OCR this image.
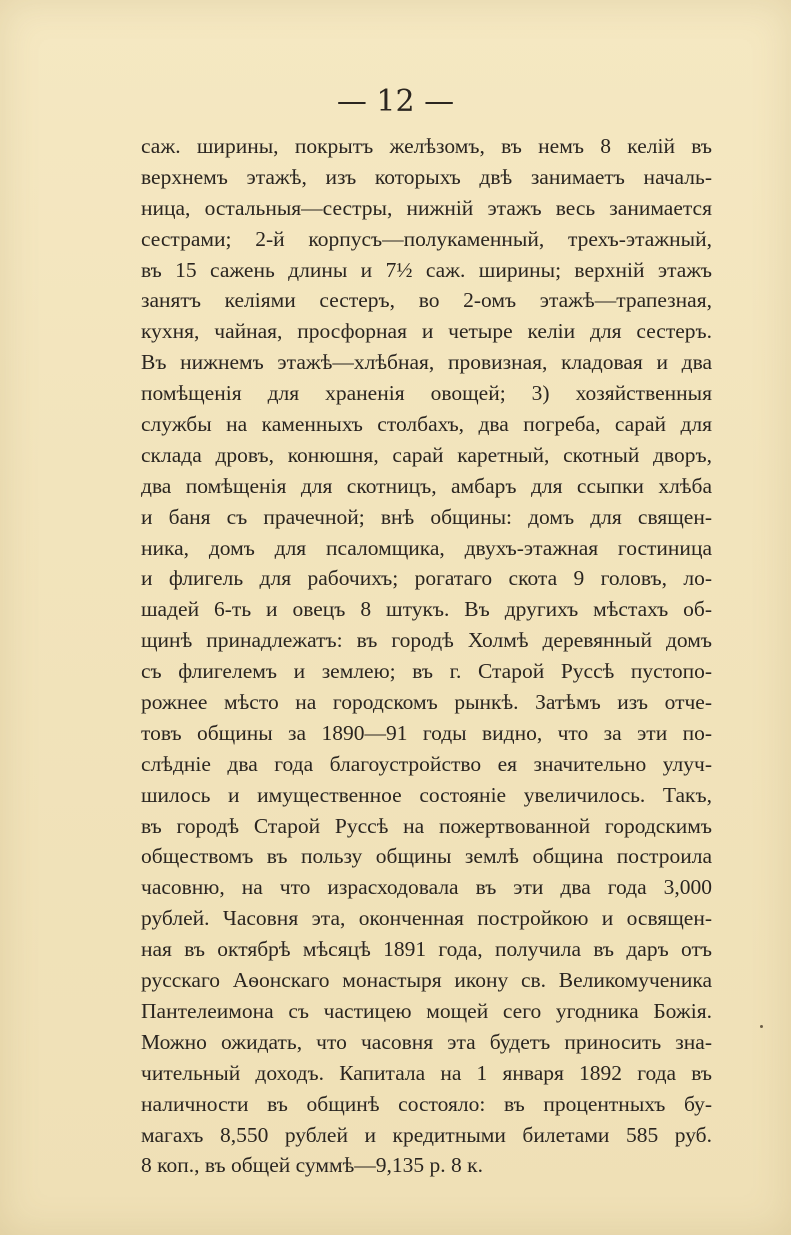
— 12 —
саж. ширины, покрытъ желѣзомъ, въ немъ 8 келій въ
верхнемъ этажѣ, изъ которыхъ двѣ занимаетъ началь-
ница, остальныя—сестры, нижній этажъ весь занимается
сестрами; 2-й корпусъ—полукаменный, трехъ-этажный,
въ 15 сажень длины и 7½ саж. ширины; верхній этажъ
занятъ келіями сестеръ, во 2-омъ этажѣ—трапезная,
кухня, чайная, просфорная и четыре келіи для сестеръ.
Въ нижнемъ этажѣ—хлѣбная, провизная, кладовая и два
помѣщенія для храненія овощей; 3) хозяйственныя
службы на каменныхъ столбахъ, два погреба, сарай для
склада дровъ, конюшня, сарай каретный, скотный дворъ,
два помѣщенія для скотницъ, амбаръ для ссыпки хлѣба
и баня съ прачечной; внѣ общины: домъ для священ-
ника, домъ для псаломщика, двухъ-этажная гостиница
и флигель для рабочихъ; рогатаго скота 9 головъ, ло-
шадей 6-ть и овецъ 8 штукъ. Въ другихъ мѣстахъ об-
щинѣ принадлежатъ: въ городѣ Холмѣ деревянный домъ
съ флигелемъ и землею; въ г. Старой Руссѣ пустопо-
рожнее мѣсто на городскомъ рынкѣ. Затѣмъ изъ отче-
товъ общины за 1890—91 годы видно, что за эти по-
слѣдніе два года благоустройство ея значительно улуч-
шилось и имущественное состояніе увеличилось. Такъ,
въ городѣ Старой Руссѣ на пожертвованной городскимъ
обществомъ въ пользу общины землѣ община построила
часовню, на что израсходовала въ эти два года 3,000
рублей. Часовня эта, оконченная постройкою и освящен-
ная въ октябрѣ мѣсяцѣ 1891 года, получила въ даръ отъ
русскаго Аѳонскаго монастыря икону св. Великомученика
Пантелеимона съ частицею мощей сего угодника Божія.
Можно ожидать, что часовня эта будетъ приносить зна-
чительный доходъ. Капитала на 1 января 1892 года въ
наличности въ общинѣ состояло: въ процентныхъ бу-
магахъ 8,550 рублей и кредитными билетами 585 руб.
8 коп., въ общей суммѣ—9,135 р. 8 к.
